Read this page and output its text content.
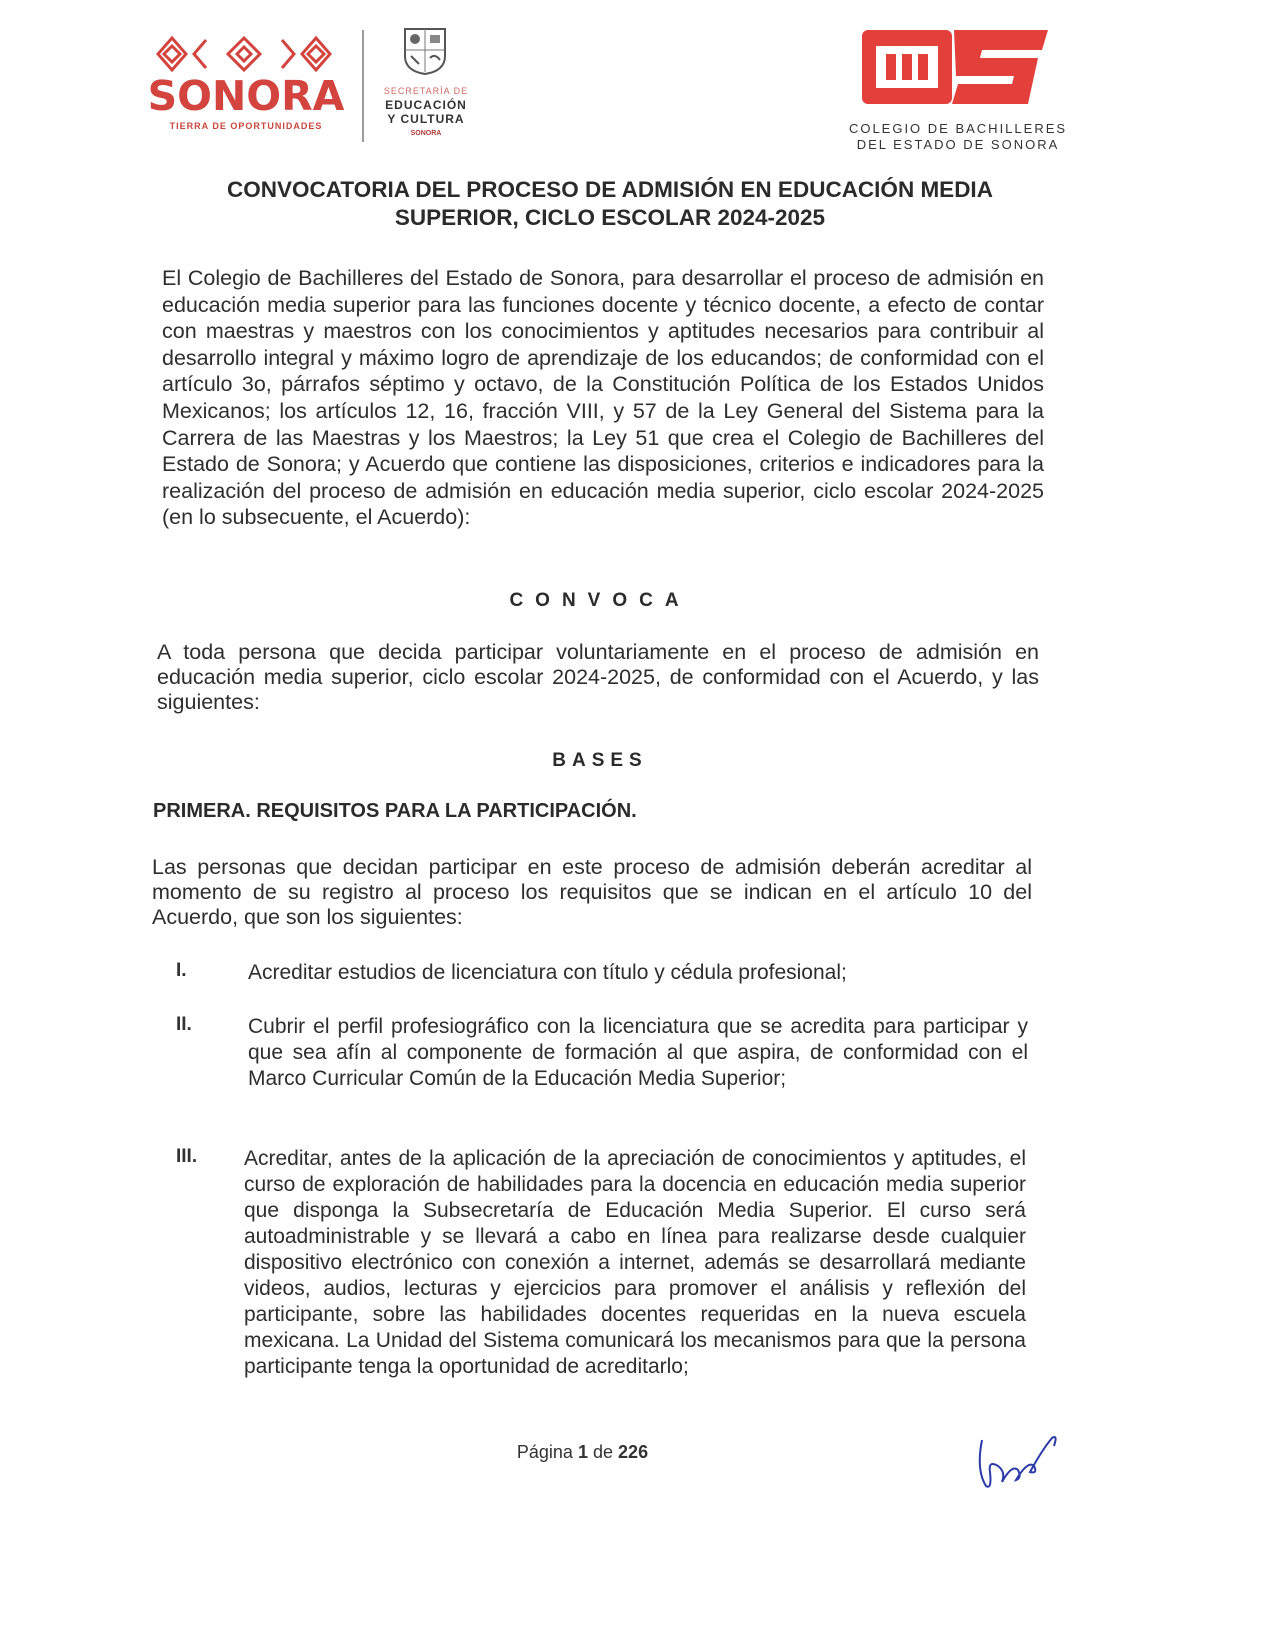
SONORA
TIERRA DE OPORTUNIDADES
SECRETARÍA DE
EDUCACIÓN
Y CULTURA
SONORA	COLEGIO DE BACHILLERES
DEL ESTADO DE SONORA
CONVOCATORIA DEL PROCESO DE ADMISIÓN EN EDUCACIÓN MEDIA
SUPERIOR, CICLO ESCOLAR 2024-2025

El Colegio de Bachilleres del Estado de Sonora, para desarrollar el proceso de admisión en educación media superior para las funciones docente y técnico docente, a efecto de contar con maestras y maestros con los conocimientos y aptitudes necesarios para contribuir al desarrollo integral y máximo logro de aprendizaje de los educandos; de conformidad con el artículo 3o, párrafos séptimo y octavo, de la Constitución Política de los Estados Unidos Mexicanos; los artículos 12, 16, fracción VIII, y 57 de la Ley General del Sistema para la Carrera de las Maestras y los Maestros; la Ley 51 que crea el Colegio de Bachilleres del Estado de Sonora; y Acuerdo que contiene las disposiciones, criterios e indicadores para la realización del proceso de admisión en educación media superior, ciclo escolar 2024-2025 (en lo subsecuente, el Acuerdo):

CONVOCA

A toda persona que decida participar voluntariamente en el proceso de admisión en educación media superior, ciclo escolar 2024-2025, de conformidad con el Acuerdo, y las siguientes:

BASES
PRIMERA. REQUISITOS PARA LA PARTICIPACIÓN.

Las personas que decidan participar en este proceso de admisión deberán acreditar al momento de su registro al proceso los requisitos que se indican en el artículo 10 del Acuerdo, que son los siguientes:

I.	Acreditar estudios de licenciatura con título y cédula profesional;
II.	Cubrir el perfil profesiográfico con la licenciatura que se acredita para participar y que sea afín al componente de formación al que aspira, de conformidad con el Marco Curricular Común de la Educación Media Superior;
III. Acreditar, antes de la aplicación de la apreciación de conocimientos y aptitudes, el curso de exploración de habilidades para la docencia en educación media superior que disponga la Subsecretaría de Educación Media Superior. El curso será autoadministrable y se llevará a cabo en línea para realizarse desde cualquier dispositivo electrónico con conexión a internet, además se desarrollará mediante videos, audios, lecturas y ejercicios para promover el análisis y reflexión del participante, sobre las habilidades docentes requeridas en la nueva escuela mexicana. La Unidad del Sistema comunicará los mecanismos para que la persona participante tenga la oportunidad de acreditarlo;
Página 1 de 226
